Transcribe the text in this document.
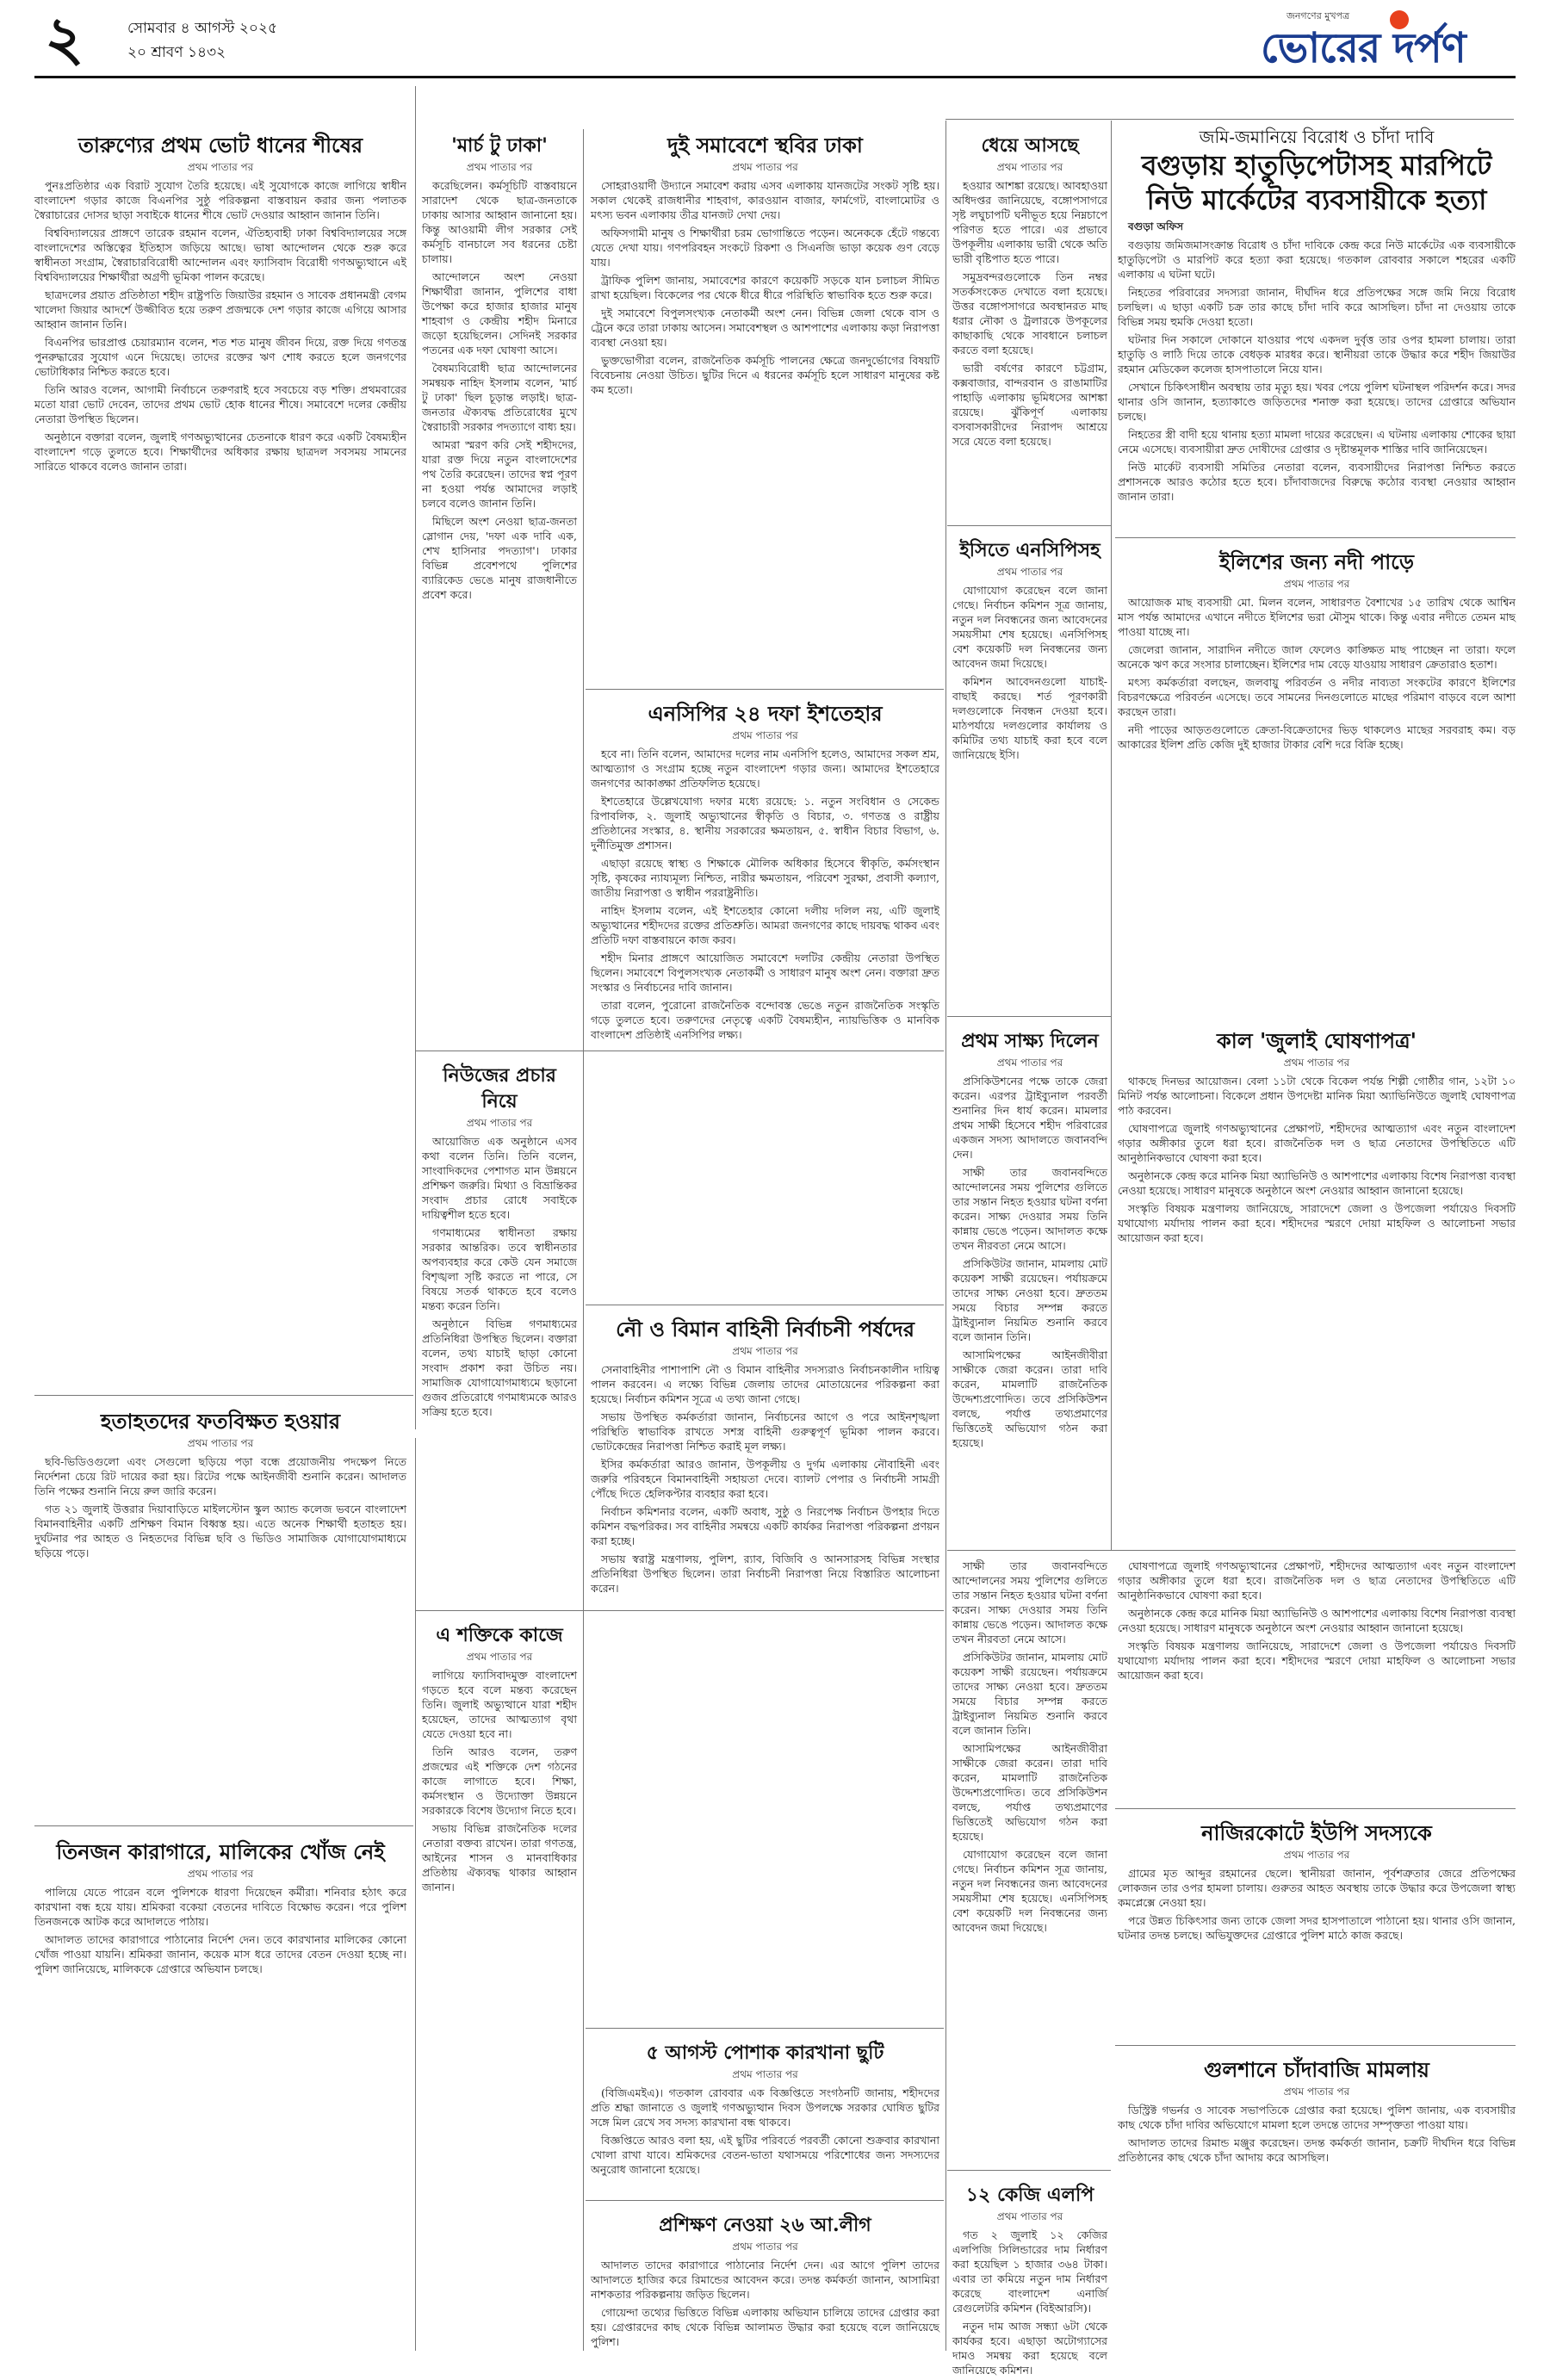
২	সোমবার ৪ আগস্ট ২০২৫
২০ শ্রাবণ ১৪৩২	ভোরের দর্পণ
জনগণের মুখপত্র
তারুণ্যের প্রথম ভোট ধানের শীষের
প্রথম পাতার পর

পুনঃপ্রতিষ্ঠার এক বিরাট সুযোগ তৈরি হয়েছে। এই সুযোগকে কাজে লাগিয়ে স্বাধীন বাংলাদেশ গড়ার কাজে বিএনপির সুষ্ঠু পরিকল্পনা বাস্তবায়ন করার জন্য পলাতক স্বৈরাচারের দোসর ছাড়া সবাইকে ধানের শীষে ভোট দেওয়ার আহ্বান জানান তিনি।

বিশ্ববিদ্যালয়ের প্রাঙ্গণে তারেক রহমান বলেন, ঐতিহ্যবাহী ঢাকা বিশ্ববিদ্যালয়ের সঙ্গে বাংলাদেশের অস্তিত্বের ইতিহাস জড়িয়ে আছে। ভাষা আন্দোলন থেকে শুরু করে স্বাধীনতা সংগ্রাম, স্বৈরাচারবিরোধী আন্দোলন এবং ফ্যাসিবাদ বিরোধী গণঅভ্যুত্থানে এই বিশ্ববিদ্যালয়ের শিক্ষার্থীরা অগ্রণী ভূমিকা পালন করেছে।

ছাত্রদলের প্রয়াত প্রতিষ্ঠাতা শহীদ রাষ্ট্রপতি জিয়াউর রহমান ও সাবেক প্রধানমন্ত্রী বেগম খালেদা জিয়ার আদর্শে উজ্জীবিত হয়ে তরুণ প্রজন্মকে দেশ গড়ার কাজে এগিয়ে আসার আহ্বান জানান তিনি।

বিএনপির ভারপ্রাপ্ত চেয়ারম্যান বলেন, শত শত মানুষ জীবন দিয়ে, রক্ত দিয়ে গণতন্ত্র পুনরুদ্ধারের সুযোগ এনে দিয়েছে। তাদের রক্তের ঋণ শোধ করতে হলে জনগণের ভোটাধিকার নিশ্চিত করতে হবে।

তিনি আরও বলেন, আগামী নির্বাচনে তরুণরাই হবে সবচেয়ে বড় শক্তি। প্রথমবারের মতো যারা ভোট দেবেন, তাদের প্রথম ভোট হোক ধানের শীষে। সমাবেশে দলের কেন্দ্রীয় নেতারা উপস্থিত ছিলেন।

অনুষ্ঠানে বক্তারা বলেন, জুলাই গণঅভ্যুত্থানের চেতনাকে ধারণ করে একটি বৈষম্যহীন বাংলাদেশ গড়ে তুলতে হবে। শিক্ষার্থীদের অধিকার রক্ষায় ছাত্রদল সবসময় সামনের সারিতে থাকবে বলেও জানান তারা।

হতাহতদের ফতবিক্ষত হওয়ার
প্রথম পাতার পর

ছবি-ভিডিওগুলো এবং সেগুলো ছড়িয়ে পড়া বন্ধে প্রয়োজনীয় পদক্ষেপ নিতে নির্দেশনা চেয়ে রিট দায়ের করা হয়। রিটের পক্ষে আইনজীবী শুনানি করেন। আদালত তিনি পক্ষের শুনানি নিয়ে রুল জারি করেন।

গত ২১ জুলাই উত্তরার দিয়াবাড়িতে মাইলস্টোন স্কুল অ্যান্ড কলেজ ভবনে বাংলাদেশ বিমানবাহিনীর একটি প্রশিক্ষণ বিমান বিধ্বস্ত হয়। এতে অনেক শিক্ষার্থী হতাহত হয়। দুর্ঘটনার পর আহত ও নিহতদের বিভিন্ন ছবি ও ভিডিও সামাজিক যোগাযোগমাধ্যমে ছড়িয়ে পড়ে।

তিনজন কারাগারে, মালিকের খোঁজ নেই
প্রথম পাতার পর

পালিয়ে যেতে পারেন বলে পুলিশকে ধারণা দিয়েছেন কর্মীরা। শনিবার হঠাৎ করে কারখানা বন্ধ হয়ে যায়। শ্রমিকরা বকেয়া বেতনের দাবিতে বিক্ষোভ করেন। পরে পুলিশ তিনজনকে আটক করে আদালতে পাঠায়।

আদালত তাদের কারাগারে পাঠানোর নির্দেশ দেন। তবে কারখানার মালিকের কোনো খোঁজ পাওয়া যায়নি। শ্রমিকরা জানান, কয়েক মাস ধরে তাদের বেতন দেওয়া হচ্ছে না। পুলিশ জানিয়েছে, মালিককে গ্রেপ্তারে অভিযান চলছে।

'মার্চ টু ঢাকা'
প্রথম পাতার পর

করেছিলেন। কর্মসূচিটি বাস্তবায়নে সারাদেশ থেকে ছাত্র-জনতাকে ঢাকায় আসার আহ্বান জানানো হয়। কিন্তু আওয়ামী লীগ সরকার সেই কর্মসূচি বানচালে সব ধরনের চেষ্টা চালায়।

আন্দোলনে অংশ নেওয়া শিক্ষার্থীরা জানান, পুলিশের বাধা উপেক্ষা করে হাজার হাজার মানুষ শাহবাগ ও কেন্দ্রীয় শহীদ মিনারে জড়ো হয়েছিলেন। সেদিনই সরকার পতনের এক দফা ঘোষণা আসে।

বৈষম্যবিরোধী ছাত্র আন্দোলনের সমন্বয়ক নাহিদ ইসলাম বলেন, 'মার্চ টু ঢাকা' ছিল চূড়ান্ত লড়াই। ছাত্র-জনতার ঐক্যবদ্ধ প্রতিরোধের মুখে স্বৈরাচারী সরকার পদত্যাগে বাধ্য হয়।

আমরা স্মরণ করি সেই শহীদদের, যারা রক্ত দিয়ে নতুন বাংলাদেশের পথ তৈরি করেছেন। তাদের স্বপ্ন পূরণ না হওয়া পর্যন্ত আমাদের লড়াই চলবে বলেও জানান তিনি।

মিছিলে অংশ নেওয়া ছাত্র-জনতা স্লোগান দেয়, 'দফা এক দাবি এক, শেখ হাসিনার পদত্যাগ'। ঢাকার বিভিন্ন প্রবেশপথে পুলিশের ব্যারিকেড ভেঙে মানুষ রাজধানীতে প্রবেশ করে।

নিউজের প্রচার নিয়ে
প্রথম পাতার পর

আয়োজিত এক অনুষ্ঠানে এসব কথা বলেন তিনি। তিনি বলেন, সাংবাদিকদের পেশাগত মান উন্নয়নে প্রশিক্ষণ জরুরি। মিথ্যা ও বিভ্রান্তিকর সংবাদ প্রচার রোধে সবাইকে দায়িত্বশীল হতে হবে।

গণমাধ্যমের স্বাধীনতা রক্ষায় সরকার আন্তরিক। তবে স্বাধীনতার অপব্যবহার করে কেউ যেন সমাজে বিশৃঙ্খলা সৃষ্টি করতে না পারে, সে বিষয়ে সতর্ক থাকতে হবে বলেও মন্তব্য করেন তিনি।

অনুষ্ঠানে বিভিন্ন গণমাধ্যমের প্রতিনিধিরা উপস্থিত ছিলেন। বক্তারা বলেন, তথ্য যাচাই ছাড়া কোনো সংবাদ প্রকাশ করা উচিত নয়। সামাজিক যোগাযোগমাধ্যমে ছড়ানো গুজব প্রতিরোধে গণমাধ্যমকে আরও সক্রিয় হতে হবে।

এ শক্তিকে কাজে
প্রথম পাতার পর

লাগিয়ে ফ্যাসিবাদমুক্ত বাংলাদেশ গড়তে হবে বলে মন্তব্য করেছেন তিনি। জুলাই অভ্যুত্থানে যারা শহীদ হয়েছেন, তাদের আত্মত্যাগ বৃথা যেতে দেওয়া হবে না।

তিনি আরও বলেন, তরুণ প্রজন্মের এই শক্তিকে দেশ গঠনের কাজে লাগাতে হবে। শিক্ষা, কর্মসংস্থান ও উদ্যোক্তা উন্নয়নে সরকারকে বিশেষ উদ্যোগ নিতে হবে।

সভায় বিভিন্ন রাজনৈতিক দলের নেতারা বক্তব্য রাখেন। তারা গণতন্ত্র, আইনের শাসন ও মানবাধিকার প্রতিষ্ঠায় ঐক্যবদ্ধ থাকার আহ্বান জানান।

দুই সমাবেশে স্থবির ঢাকা
প্রথম পাতার পর

সোহরাওয়ার্দী উদ্যানে সমাবেশ করায় এসব এলাকায় যানজটের সংকট সৃষ্টি হয়। সকাল থেকেই রাজধানীর শাহবাগ, কারওয়ান বাজার, ফার্মগেট, বাংলামোটর ও মৎস্য ভবন এলাকায় তীব্র যানজট দেখা দেয়।

অফিসগামী মানুষ ও শিক্ষার্থীরা চরম ভোগান্তিতে পড়েন। অনেককে হেঁটে গন্তব্যে যেতে দেখা যায়। গণপরিবহন সংকটে রিকশা ও সিএনজি ভাড়া কয়েক গুণ বেড়ে যায়।

ট্রাফিক পুলিশ জানায়, সমাবেশের কারণে কয়েকটি সড়কে যান চলাচল সীমিত রাখা হয়েছিল। বিকেলের পর থেকে ধীরে ধীরে পরিস্থিতি স্বাভাবিক হতে শুরু করে।

দুই সমাবেশে বিপুলসংখ্যক নেতাকর্মী অংশ নেন। বিভিন্ন জেলা থেকে বাস ও ট্রেনে করে তারা ঢাকায় আসেন। সমাবেশস্থল ও আশপাশের এলাকায় কড়া নিরাপত্তা ব্যবস্থা নেওয়া হয়।

ভুক্তভোগীরা বলেন, রাজনৈতিক কর্মসূচি পালনের ক্ষেত্রে জনদুর্ভোগের বিষয়টি বিবেচনায় নেওয়া উচিত। ছুটির দিনে এ ধরনের কর্মসূচি হলে সাধারণ মানুষের কষ্ট কম হতো।

এনসিপির ২৪ দফা ইশতেহার
প্রথম পাতার পর

হবে না। তিনি বলেন, আমাদের দলের নাম এনসিপি হলেও, আমাদের সকল শ্রম, আত্মত্যাগ ও সংগ্রাম হচ্ছে নতুন বাংলাদেশ গড়ার জন্য। আমাদের ইশতেহারে জনগণের আকাঙ্ক্ষা প্রতিফলিত হয়েছে।

ইশতেহারে উল্লেখযোগ্য দফার মধ্যে রয়েছে: ১. নতুন সংবিধান ও সেকেন্ড রিপাবলিক, ২. জুলাই অভ্যুত্থানের স্বীকৃতি ও বিচার, ৩. গণতন্ত্র ও রাষ্ট্রীয় প্রতিষ্ঠানের সংস্কার, ৪. স্থানীয় সরকারের ক্ষমতায়ন, ৫. স্বাধীন বিচার বিভাগ, ৬. দুর্নীতিমুক্ত প্রশাসন।

এছাড়া রয়েছে স্বাস্থ্য ও শিক্ষাকে মৌলিক অধিকার হিসেবে স্বীকৃতি, কর্মসংস্থান সৃষ্টি, কৃষকের ন্যায্যমূল্য নিশ্চিত, নারীর ক্ষমতায়ন, পরিবেশ সুরক্ষা, প্রবাসী কল্যাণ, জাতীয় নিরাপত্তা ও স্বাধীন পররাষ্ট্রনীতি।

নাহিদ ইসলাম বলেন, এই ইশতেহার কোনো দলীয় দলিল নয়, এটি জুলাই অভ্যুত্থানের শহীদদের রক্তের প্রতিশ্রুতি। আমরা জনগণের কাছে দায়বদ্ধ থাকব এবং প্রতিটি দফা বাস্তবায়নে কাজ করব।

শহীদ মিনার প্রাঙ্গণে আয়োজিত সমাবেশে দলটির কেন্দ্রীয় নেতারা উপস্থিত ছিলেন। সমাবেশে বিপুলসংখ্যক নেতাকর্মী ও সাধারণ মানুষ অংশ নেন। বক্তারা দ্রুত সংস্কার ও নির্বাচনের দাবি জানান।

তারা বলেন, পুরোনো রাজনৈতিক বন্দোবস্ত ভেঙে নতুন রাজনৈতিক সংস্কৃতি গড়ে তুলতে হবে। তরুণদের নেতৃত্বে একটি বৈষম্যহীন, ন্যায়ভিত্তিক ও মানবিক বাংলাদেশ প্রতিষ্ঠাই এনসিপির লক্ষ্য।

নৌ ও বিমান বাহিনী নির্বাচনী পর্ষদের
প্রথম পাতার পর

সেনাবাহিনীর পাশাপাশি নৌ ও বিমান বাহিনীর সদস্যরাও নির্বাচনকালীন দায়িত্ব পালন করবেন। এ লক্ষ্যে বিভিন্ন জেলায় তাদের মোতায়েনের পরিকল্পনা করা হয়েছে। নির্বাচন কমিশন সূত্রে এ তথ্য জানা গেছে।

সভায় উপস্থিত কর্মকর্তারা জানান, নির্বাচনের আগে ও পরে আইনশৃঙ্খলা পরিস্থিতি স্বাভাবিক রাখতে সশস্ত্র বাহিনী গুরুত্বপূর্ণ ভূমিকা পালন করবে। ভোটকেন্দ্রের নিরাপত্তা নিশ্চিত করাই মূল লক্ষ্য।

ইসির কর্মকর্তারা আরও জানান, উপকূলীয় ও দুর্গম এলাকায় নৌবাহিনী এবং জরুরি পরিবহনে বিমানবাহিনী সহায়তা দেবে। ব্যালট পেপার ও নির্বাচনী সামগ্রী পৌঁছে দিতে হেলিকপ্টার ব্যবহার করা হবে।

নির্বাচন কমিশনার বলেন, একটি অবাধ, সুষ্ঠু ও নিরপেক্ষ নির্বাচন উপহার দিতে কমিশন বদ্ধপরিকর। সব বাহিনীর সমন্বয়ে একটি কার্যকর নিরাপত্তা পরিকল্পনা প্রণয়ন করা হচ্ছে।

সভায় স্বরাষ্ট্র মন্ত্রণালয়, পুলিশ, র‌্যাব, বিজিবি ও আনসারসহ বিভিন্ন সংস্থার প্রতিনিধিরা উপস্থিত ছিলেন। তারা নির্বাচনী নিরাপত্তা নিয়ে বিস্তারিত আলোচনা করেন।

৫ আগস্ট পোশাক কারখানা ছুটি
প্রথম পাতার পর

(বিজিএমইএ)। গতকাল রোববার এক বিজ্ঞপ্তিতে সংগঠনটি জানায়, শহীদদের প্রতি শ্রদ্ধা জানাতে ও জুলাই গণঅভ্যুত্থান দিবস উপলক্ষে সরকার ঘোষিত ছুটির সঙ্গে মিল রেখে সব সদস্য কারখানা বন্ধ থাকবে।

বিজ্ঞপ্তিতে আরও বলা হয়, এই ছুটির পরিবর্তে পরবর্তী কোনো শুক্রবার কারখানা খোলা রাখা যাবে। শ্রমিকদের বেতন-ভাতা যথাসময়ে পরিশোধের জন্য সদস্যদের অনুরোধ জানানো হয়েছে।

প্রশিক্ষণ নেওয়া ২৬ আ.লীগ
প্রথম পাতার পর

আদালত তাদের কারাগারে পাঠানোর নির্দেশ দেন। এর আগে পুলিশ তাদের আদালতে হাজির করে রিমান্ডের আবেদন করে। তদন্ত কর্মকর্তা জানান, আসামিরা নাশকতার পরিকল্পনায় জড়িত ছিলেন।

গোয়েন্দা তথ্যের ভিত্তিতে বিভিন্ন এলাকায় অভিযান চালিয়ে তাদের গ্রেপ্তার করা হয়। গ্রেপ্তারদের কাছ থেকে বিভিন্ন আলামত উদ্ধার করা হয়েছে বলে জানিয়েছে পুলিশ।

ধেয়ে আসছে
প্রথম পাতার পর

হওয়ার আশঙ্কা রয়েছে। আবহাওয়া অধিদপ্তর জানিয়েছে, বঙ্গোপসাগরে সৃষ্ট লঘুচাপটি ঘনীভূত হয়ে নিম্নচাপে পরিণত হতে পারে। এর প্রভাবে উপকূলীয় এলাকায় ভারী থেকে অতি ভারী বৃষ্টিপাত হতে পারে।

সমুদ্রবন্দরগুলোকে তিন নম্বর সতর্কসংকেত দেখাতে বলা হয়েছে। উত্তর বঙ্গোপসাগরে অবস্থানরত মাছ ধরার নৌকা ও ট্রলারকে উপকূলের কাছাকাছি থেকে সাবধানে চলাচল করতে বলা হয়েছে।

ভারী বর্ষণের কারণে চট্টগ্রাম, কক্সবাজার, বান্দরবান ও রাঙামাটির পাহাড়ি এলাকায় ভূমিধসের আশঙ্কা রয়েছে। ঝুঁকিপূর্ণ এলাকায় বসবাসকারীদের নিরাপদ আশ্রয়ে সরে যেতে বলা হয়েছে।

ইসিতে এনসিপিসহ
প্রথম পাতার পর

যোগাযোগ করেছেন বলে জানা গেছে। নির্বাচন কমিশন সূত্র জানায়, নতুন দল নিবন্ধনের জন্য আবেদনের সময়সীমা শেষ হয়েছে। এনসিপিসহ বেশ কয়েকটি দল নিবন্ধনের জন্য আবেদন জমা দিয়েছে।

কমিশন আবেদনগুলো যাচাই-বাছাই করছে। শর্ত পূরণকারী দলগুলোকে নিবন্ধন দেওয়া হবে। মাঠপর্যায়ে দলগুলোর কার্যালয় ও কমিটির তথ্য যাচাই করা হবে বলে জানিয়েছে ইসি।

প্রথম সাক্ষ্য দিলেন
প্রথম পাতার পর

প্রসিকিউশনের পক্ষে তাকে জেরা করেন। এরপর ট্রাইব্যুনাল পরবর্তী শুনানির দিন ধার্য করেন। মামলার প্রথম সাক্ষী হিসেবে শহীদ পরিবারের একজন সদস্য আদালতে জবানবন্দি দেন।

সাক্ষী তার জবানবন্দিতে আন্দোলনের সময় পুলিশের গুলিতে তার সন্তান নিহত হওয়ার ঘটনা বর্ণনা করেন। সাক্ষ্য দেওয়ার সময় তিনি কান্নায় ভেঙে পড়েন। আদালত কক্ষে তখন নীরবতা নেমে আসে।

প্রসিকিউটর জানান, মামলায় মোট কয়েকশ সাক্ষী রয়েছেন। পর্যায়ক্রমে তাদের সাক্ষ্য নেওয়া হবে। দ্রুততম সময়ে বিচার সম্পন্ন করতে ট্রাইব্যুনাল নিয়মিত শুনানি করবে বলে জানান তিনি।

আসামিপক্ষের আইনজীবীরা সাক্ষীকে জেরা করেন। তারা দাবি করেন, মামলাটি রাজনৈতিক উদ্দেশ্যপ্রণোদিত। তবে প্রসিকিউশন বলছে, পর্যাপ্ত তথ্যপ্রমাণের ভিত্তিতেই অভিযোগ গঠন করা হয়েছে।

জমি-জমানিয়ে বিরোধ ও চাঁদা দাবি
বগুড়ায় হাতুড়িপেটাসহ মারপিটে নিউ মার্কেটের ব্যবসায়ীকে হত্যা

বগুড়া অফিস

বগুড়ায় জমিজমাসংক্রান্ত বিরোধ ও চাঁদা দাবিকে কেন্দ্র করে নিউ মার্কেটের এক ব্যবসায়ীকে হাতুড়িপেটা ও মারপিট করে হত্যা করা হয়েছে। গতকাল রোববার সকালে শহরের একটি এলাকায় এ ঘটনা ঘটে।

নিহতের পরিবারের সদস্যরা জানান, দীর্ঘদিন ধরে প্রতিপক্ষের সঙ্গে জমি নিয়ে বিরোধ চলছিল। এ ছাড়া একটি চক্র তার কাছে চাঁদা দাবি করে আসছিল। চাঁদা না দেওয়ায় তাকে বিভিন্ন সময় হুমকি দেওয়া হতো।

ঘটনার দিন সকালে দোকানে যাওয়ার পথে একদল দুর্বৃত্ত তার ওপর হামলা চালায়। তারা হাতুড়ি ও লাঠি দিয়ে তাকে বেধড়ক মারধর করে। স্থানীয়রা তাকে উদ্ধার করে শহীদ জিয়াউর রহমান মেডিকেল কলেজ হাসপাতালে নিয়ে যান।

সেখানে চিকিৎসাধীন অবস্থায় তার মৃত্যু হয়। খবর পেয়ে পুলিশ ঘটনাস্থল পরিদর্শন করে। সদর থানার ওসি জানান, হত্যাকাণ্ডে জড়িতদের শনাক্ত করা হয়েছে। তাদের গ্রেপ্তারে অভিযান চলছে।

নিহতের স্ত্রী বাদী হয়ে থানায় হত্যা মামলা দায়ের করেছেন। এ ঘটনায় এলাকায় শোকের ছায়া নেমে এসেছে। ব্যবসায়ীরা দ্রুত দোষীদের গ্রেপ্তার ও দৃষ্টান্তমূলক শাস্তির দাবি জানিয়েছেন।

নিউ মার্কেট ব্যবসায়ী সমিতির নেতারা বলেন, ব্যবসায়ীদের নিরাপত্তা নিশ্চিত করতে প্রশাসনকে আরও কঠোর হতে হবে। চাঁদাবাজদের বিরুদ্ধে কঠোর ব্যবস্থা নেওয়ার আহ্বান জানান তারা।

ইলিশের জন্য নদী পাড়ে
প্রথম পাতার পর

আয়োজক মাছ ব্যবসায়ী মো. মিলন বলেন, সাধারণত বৈশাখের ১৫ তারিখ থেকে আশ্বিন মাস পর্যন্ত আমাদের এখানে নদীতে ইলিশের ভরা মৌসুম থাকে। কিন্তু এবার নদীতে তেমন মাছ পাওয়া যাচ্ছে না।

জেলেরা জানান, সারাদিন নদীতে জাল ফেলেও কাঙ্ক্ষিত মাছ পাচ্ছেন না তারা। ফলে অনেকে ঋণ করে সংসার চালাচ্ছেন। ইলিশের দাম বেড়ে যাওয়ায় সাধারণ ক্রেতারাও হতাশ।

মৎস্য কর্মকর্তারা বলছেন, জলবায়ু পরিবর্তন ও নদীর নাব্যতা সংকটের কারণে ইলিশের বিচরণক্ষেত্রে পরিবর্তন এসেছে। তবে সামনের দিনগুলোতে মাছের পরিমাণ বাড়বে বলে আশা করছেন তারা।

নদী পাড়ের আড়তগুলোতে ক্রেতা-বিক্রেতাদের ভিড় থাকলেও মাছের সরবরাহ কম। বড় আকারের ইলিশ প্রতি কেজি দুই হাজার টাকার বেশি দরে বিক্রি হচ্ছে।

কাল 'জুলাই ঘোষণাপত্র'
প্রথম পাতার পর

থাকছে দিনভর আয়োজন। বেলা ১১টা থেকে বিকেল পর্যন্ত শিল্পী গোষ্ঠীর গান, ১২টা ১০ মিনিট পর্যন্ত আলোচনা। বিকেলে প্রধান উপদেষ্টা মানিক মিয়া অ্যাভিনিউতে জুলাই ঘোষণাপত্র পাঠ করবেন।

ঘোষণাপত্রে জুলাই গণঅভ্যুত্থানের প্রেক্ষাপট, শহীদদের আত্মত্যাগ এবং নতুন বাংলাদেশ গড়ার অঙ্গীকার তুলে ধরা হবে। রাজনৈতিক দল ও ছাত্র নেতাদের উপস্থিতিতে এটি আনুষ্ঠানিকভাবে ঘোষণা করা হবে।

অনুষ্ঠানকে কেন্দ্র করে মানিক মিয়া অ্যাভিনিউ ও আশপাশের এলাকায় বিশেষ নিরাপত্তা ব্যবস্থা নেওয়া হয়েছে। সাধারণ মানুষকে অনুষ্ঠানে অংশ নেওয়ার আহ্বান জানানো হয়েছে।

সংস্কৃতি বিষয়ক মন্ত্রণালয় জানিয়েছে, সারাদেশে জেলা ও উপজেলা পর্যায়েও দিবসটি যথাযোগ্য মর্যাদায় পালন করা হবে। শহীদদের স্মরণে দোয়া মাহফিল ও আলোচনা সভার আয়োজন করা হবে।

নাজিরকোটে ইউপি সদস্যকে
প্রথম পাতার পর

গ্রামের মৃত আব্দুর রহমানের ছেলে। স্থানীয়রা জানান, পূর্বশত্রুতার জেরে প্রতিপক্ষের লোকজন তার ওপর হামলা চালায়। গুরুতর আহত অবস্থায় তাকে উদ্ধার করে উপজেলা স্বাস্থ্য কমপ্লেক্সে নেওয়া হয়।

পরে উন্নত চিকিৎসার জন্য তাকে জেলা সদর হাসপাতালে পাঠানো হয়। থানার ওসি জানান, ঘটনার তদন্ত চলছে। অভিযুক্তদের গ্রেপ্তারে পুলিশ মাঠে কাজ করছে।

গুলশানে চাঁদাবাজি মামলায়
প্রথম পাতার পর

ডিস্ট্রিক্ট গভর্নর ও সাবেক সভাপতিকে গ্রেপ্তার করা হয়েছে। পুলিশ জানায়, এক ব্যবসায়ীর কাছ থেকে চাঁদা দাবির অভিযোগে মামলা হলে তদন্তে তাদের সম্পৃক্ততা পাওয়া যায়।

আদালত তাদের রিমান্ড মঞ্জুর করেছেন। তদন্ত কর্মকর্তা জানান, চক্রটি দীর্ঘদিন ধরে বিভিন্ন প্রতিষ্ঠানের কাছ থেকে চাঁদা আদায় করে আসছিল।

১২ কেজি এলপি
প্রথম পাতার পর

গত ২ জুলাই ১২ কেজির এলপিজি সিলিন্ডারের দাম নির্ধারণ করা হয়েছিল ১ হাজার ৩৬৪ টাকা। এবার তা কমিয়ে নতুন দাম নির্ধারণ করেছে বাংলাদেশ এনার্জি রেগুলেটরি কমিশন (বিইআরসি)।

নতুন দাম আজ সন্ধ্যা ৬টা থেকে কার্যকর হবে। এছাড়া অটোগ্যাসের দামও সমন্বয় করা হয়েছে বলে জানিয়েছে কমিশন।

সাক্ষী তার জবানবন্দিতে আন্দোলনের সময় পুলিশের গুলিতে তার সন্তান নিহত হওয়ার ঘটনা বর্ণনা করেন। সাক্ষ্য দেওয়ার সময় তিনি কান্নায় ভেঙে পড়েন। আদালত কক্ষে তখন নীরবতা নেমে আসে।

প্রসিকিউটর জানান, মামলায় মোট কয়েকশ সাক্ষী রয়েছেন। পর্যায়ক্রমে তাদের সাক্ষ্য নেওয়া হবে। দ্রুততম সময়ে বিচার সম্পন্ন করতে ট্রাইব্যুনাল নিয়মিত শুনানি করবে বলে জানান তিনি।

আসামিপক্ষের আইনজীবীরা সাক্ষীকে জেরা করেন। তারা দাবি করেন, মামলাটি রাজনৈতিক উদ্দেশ্যপ্রণোদিত। তবে প্রসিকিউশন বলছে, পর্যাপ্ত তথ্যপ্রমাণের ভিত্তিতেই অভিযোগ গঠন করা হয়েছে।

যোগাযোগ করেছেন বলে জানা গেছে। নির্বাচন কমিশন সূত্র জানায়, নতুন দল নিবন্ধনের জন্য আবেদনের সময়সীমা শেষ হয়েছে। এনসিপিসহ বেশ কয়েকটি দল নিবন্ধনের জন্য আবেদন জমা দিয়েছে।

ঘোষণাপত্রে জুলাই গণঅভ্যুত্থানের প্রেক্ষাপট, শহীদদের আত্মত্যাগ এবং নতুন বাংলাদেশ গড়ার অঙ্গীকার তুলে ধরা হবে। রাজনৈতিক দল ও ছাত্র নেতাদের উপস্থিতিতে এটি আনুষ্ঠানিকভাবে ঘোষণা করা হবে।

অনুষ্ঠানকে কেন্দ্র করে মানিক মিয়া অ্যাভিনিউ ও আশপাশের এলাকায় বিশেষ নিরাপত্তা ব্যবস্থা নেওয়া হয়েছে। সাধারণ মানুষকে অনুষ্ঠানে অংশ নেওয়ার আহ্বান জানানো হয়েছে।

সংস্কৃতি বিষয়ক মন্ত্রণালয় জানিয়েছে, সারাদেশে জেলা ও উপজেলা পর্যায়েও দিবসটি যথাযোগ্য মর্যাদায় পালন করা হবে। শহীদদের স্মরণে দোয়া মাহফিল ও আলোচনা সভার আয়োজন করা হবে।
